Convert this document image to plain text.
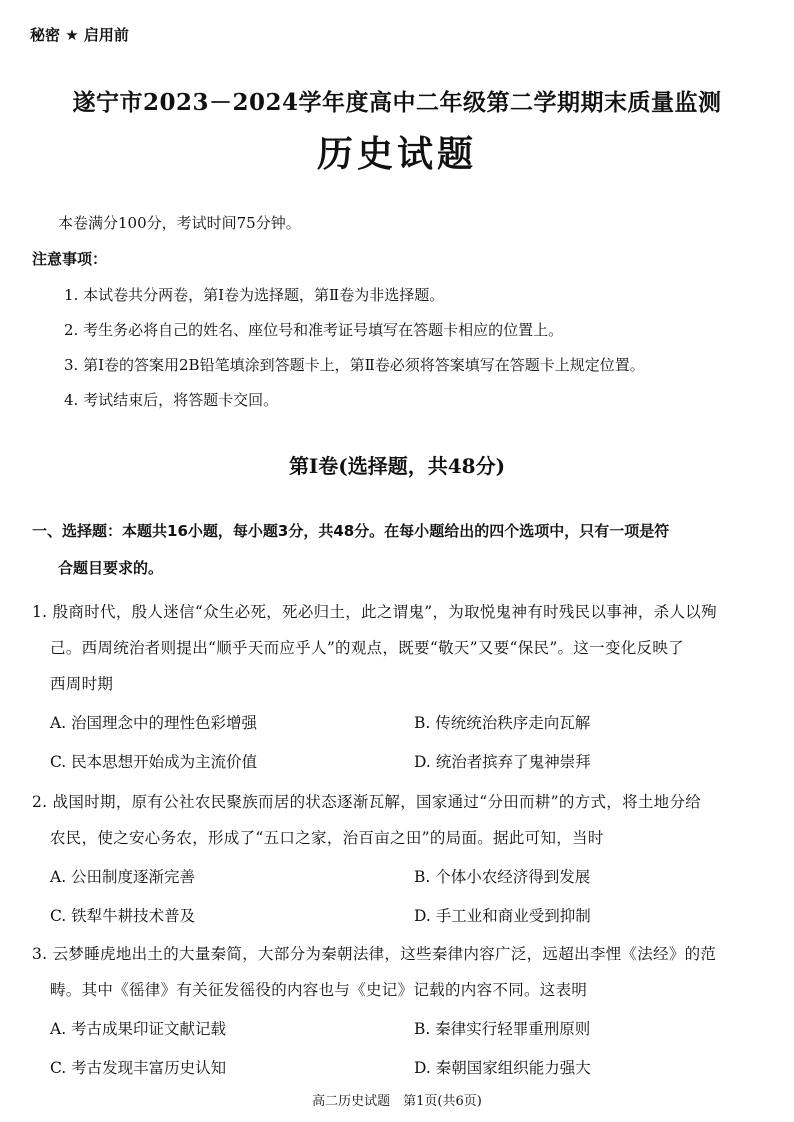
秘密 ★ 启用前
遂宁市2023－2024学年度高中二年级第二学期期末质量监测
历史试题
本卷满分100分，考试时间75分钟。
注意事项：
1. 本试卷共分两卷，第Ⅰ卷为选择题，第Ⅱ卷为非选择题。
2. 考生务必将自己的姓名、座位号和准考证号填写在答题卡相应的位置上。
3. 第Ⅰ卷的答案用2B铅笔填涂到答题卡上，第Ⅱ卷必须将答案填写在答题卡上规定位置。
4. 考试结束后，将答题卡交回。
第Ⅰ卷(选择题，共48分)
一、选择题：本题共16小题，每小题3分，共48分。在每小题给出的四个选项中，只有一项是符
合题目要求的。
1. 殷商时代，殷人迷信“众生必死，死必归土，此之谓鬼”，为取悦鬼神有时残民以事神，杀人以殉
己。西周统治者则提出“顺乎天而应乎人”的观点，既要“敬天”又要“保民”。这一变化反映了
西周时期
A. 治国理念中的理性色彩增强	B. 传统统治秩序走向瓦解
C. 民本思想开始成为主流价值	D. 统治者摈弃了鬼神崇拜
2. 战国时期，原有公社农民聚族而居的状态逐渐瓦解，国家通过“分田而耕”的方式，将土地分给
农民，使之安心务农，形成了“五口之家，治百亩之田”的局面。据此可知，当时
A. 公田制度逐渐完善	B. 个体小农经济得到发展
C. 铁犁牛耕技术普及	D. 手工业和商业受到抑制
3. 云梦睡虎地出土的大量秦简，大部分为秦朝法律，这些秦律内容广泛，远超出李悝《法经》的范
畴。其中《徭律》有关征发徭役的内容也与《史记》记载的内容不同。这表明
A. 考古成果印证文献记载	B. 秦律实行轻罪重刑原则
C. 考古发现丰富历史认知	D. 秦朝国家组织能力强大
高二历史试题　第1页(共6页)
